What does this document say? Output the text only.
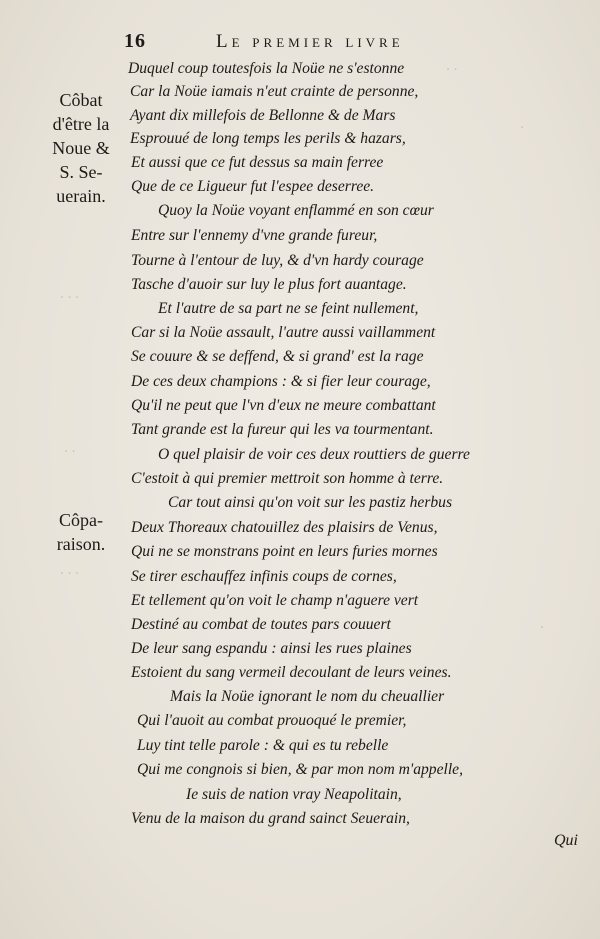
16	Le premier livre
Côbat
d'être la
Noue &
S. Se-
uerain.
Côpa-
raison.
Duquel coup toutesfois la Noüe ne s'estonne
Car la Noüe iamais n'eut crainte de personne,
Ayant dix millefois de Bellonne & de Mars
Esprouué de long temps les perils & hazars,
Et aussi que ce fut dessus sa main ferree
Que de ce Ligueur fut l'espee deserree.
Quoy la Noüe voyant enflammé en son cœur
Entre sur l'ennemy d'vne grande fureur,
Tourne à l'entour de luy, & d'vn hardy courage
Tasche d'auoir sur luy le plus fort auantage.
Et l'autre de sa part ne se feint nullement,
Car si la Noüe assault, l'autre aussi vaillamment
Se couure & se deffend, & si grand' est la rage
De ces deux champions : & si fier leur courage,
Qu'il ne peut que l'vn d'eux ne meure combattant
Tant grande est la fureur qui les va tourmentant.
O quel plaisir de voir ces deux routtiers de guerre
C'estoit à qui premier mettroit son homme à terre.
Car tout ainsi qu'on voit sur les pastiz herbus
Deux Thoreaux chatouillez des plaisirs de Venus,
Qui ne se monstrans point en leurs furies mornes
Se tirer eschauffez infinis coups de cornes,
Et tellement qu'on voit le champ n'aguere vert
Destiné au combat de toutes pars couuert
De leur sang espandu : ainsi les rues plaines
Estoient du sang vermeil decoulant de leurs veines.
Mais la Noüe ignorant le nom du cheuallier
Qui l'auoit au combat prouoqué le premier,
Luy tint telle parole : & qui es tu rebelle
Qui me congnois si bien, & par mon nom m'appelle,
Ie suis de nation vray Neapolitain,
Venu de la maison du grand sainct Seuerain,
Qui
· ·
·
· · ·
· ·
· · ·
·
